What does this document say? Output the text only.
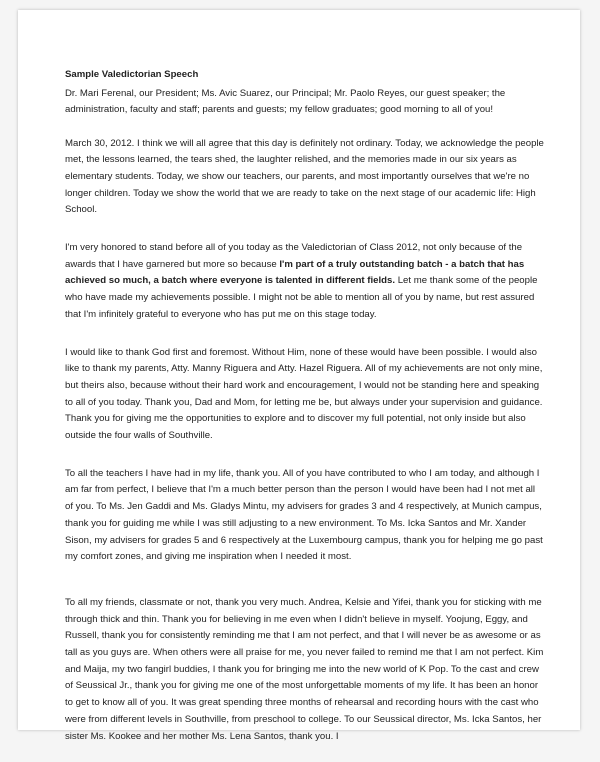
Sample Valedictorian Speech
Dr. Mari Ferenal, our President; Ms. Avic Suarez, our Principal; Mr. Paolo Reyes, our guest speaker; the administration, faculty and staff; parents and guests; my fellow graduates; good morning to all of you!
March 30, 2012. I think we will all agree that this day is definitely not ordinary. Today, we acknowledge the people met, the lessons learned, the tears shed, the laughter relished, and the memories made in our six years as elementary students. Today, we show our teachers, our parents, and most importantly ourselves that we're no longer children. Today we show the world that we are ready to take on the next stage of our academic life: High School.
I'm very honored to stand before all of you today as the Valedictorian of Class 2012, not only because of the awards that I have garnered but more so because I'm part of a truly outstanding batch - a batch that has achieved so much, a batch where everyone is talented in different fields. Let me thank some of the people who have made my achievements possible. I might not be able to mention all of you by name, but rest assured that I'm infinitely grateful to everyone who has put me on this stage today.
I would like to thank God first and foremost. Without Him, none of these would have been possible. I would also like to thank my parents, Atty. Manny Riguera and Atty. Hazel Riguera. All of my achievements are not only mine, but theirs also, because without their hard work and encouragement, I would not be standing here and speaking to all of you today. Thank you, Dad and Mom, for letting me be, but always under your supervision and guidance. Thank you for giving me the opportunities to explore and to discover my full potential, not only inside but also outside the four walls of Southville.
To all the teachers I have had in my life, thank you. All of you have contributed to who I am today, and although I am far from perfect, I believe that I'm a much better person than the person I would have been had I not met all of you. To Ms. Jen Gaddi and Ms. Gladys Mintu, my advisers for grades 3 and 4 respectively, at Munich campus, thank you for guiding me while I was still adjusting to a new environment. To Ms. Icka Santos and Mr. Xander Sison, my advisers for grades 5 and 6 respectively at the Luxembourg campus, thank you for helping me go past my comfort zones, and giving me inspiration when I needed it most.
To all my friends, classmate or not, thank you very much. Andrea, Kelsie and Yifei, thank you for sticking with me through thick and thin. Thank you for believing in me even when I didn't believe in myself. Yoojung, Eggy, and Russell, thank you for consistently reminding me that I am not perfect, and that I will never be as awesome or as tall as you guys are. When others were all praise for me, you never failed to remind me that I am not perfect. Kim and Maija, my two fangirl buddies, I thank you for bringing me into the new world of K Pop. To the cast and crew of Seussical Jr., thank you for giving me one of the most unforgettable moments of my life. It has been an honor to get to know all of you. It was great spending three months of rehearsal and recording hours with the cast who were from different levels in Southville, from preschool to college. To our Seussical director, Ms. Icka Santos, her sister Ms. Kookee and her mother Ms. Lena Santos, thank you. I
